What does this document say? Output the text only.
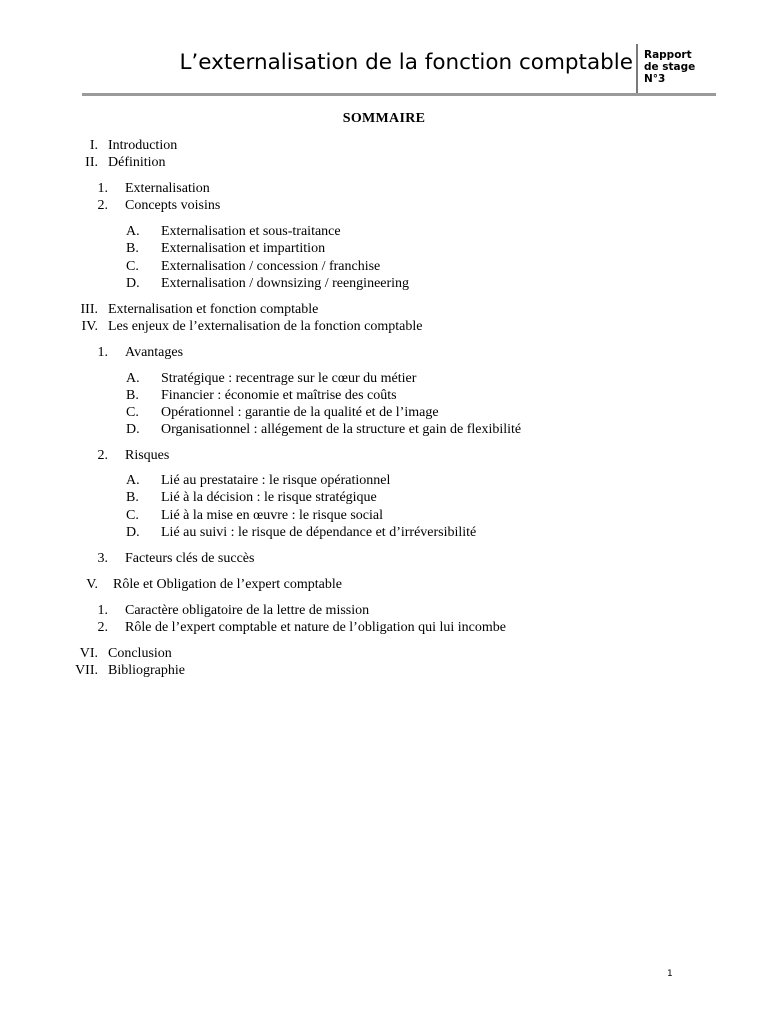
L’externalisation de la fonction comptable Rapport
de stage
N°3
SOMMAIRE
I. Introduction
II. Définition
1. Externalisation
2. Concepts voisins
A.	Externalisation et sous-traitance
B.	Externalisation et impartition
C.	Externalisation / concession / franchise
D.	Externalisation / downsizing / reengineering
III. Externalisation et fonction comptable
IV. Les enjeux de l’externalisation de la fonction comptable
1. Avantages
A.	Stratégique : recentrage sur le cœur du métier
B.	Financier : économie et maîtrise des coûts
C.	Opérationnel : garantie de la qualité et de l’image
D.	Organisationnel : allégement de la structure et gain de flexibilité
2. Risques
A.	Lié au prestataire : le risque opérationnel
B.	Lié à la décision : le risque stratégique
C.	Lié à la mise en œuvre : le risque social
D.	Lié au suivi : le risque de dépendance et d’irréversibilité
3. Facteurs clés de succès
V. Rôle et Obligation de l’expert comptable
1. Caractère obligatoire de la lettre de mission
2. Rôle de l’expert comptable et nature de l’obligation qui lui incombe
VI. Conclusion
VII. Bibliographie
1
